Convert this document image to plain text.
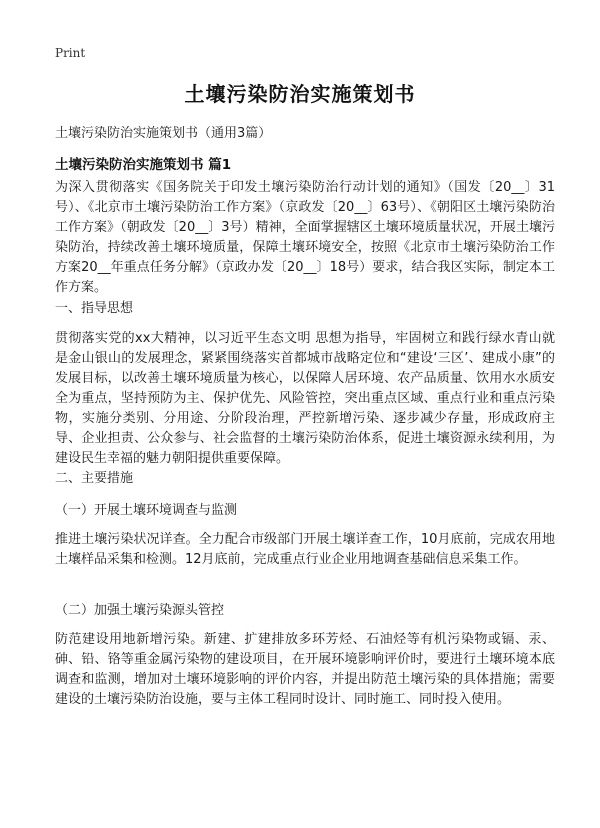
Print
土壤污染防治实施策划书
土壤污染防治实施策划书（通用3篇）
土壤污染防治实施策划书 篇1

为深入贯彻落实《国务院关于印发土壤污染防治行动计划的通知》（国发〔20__〕31号）、《北京市土壤污染防治工作方案》（京政发〔20__〕63号）、《朝阳区土壤污染防治工作方案》（朝政发〔20__〕3号）精神，全面掌握辖区土壤环境质量状况，开展土壤污染防治，持续改善土壤环境质量，保障土壤环境安全，按照《北京市土壤污染防治工作方案20__年重点任务分解》（京政办发〔20__〕18号）要求，结合我区实际，制定本工作方案。

一、指导思想

贯彻落实党的xx大精神，以习近平生态文明 思想为指导，牢固树立和践行绿水青山就是金山银山的发展理念，紧紧围绕落实首都城市战略定位和“建设‘三区’、建成小康”的发展目标，以改善土壤环境质量为核心，以保障人居环境、农产品质量、饮用水水质安全为重点，坚持预防为主、保护优先、风险管控，突出重点区域、重点行业和重点污染物，实施分类别、分用途、分阶段治理，严控新增污染、逐步减少存量，形成政府主导、企业担责、公众参与、社会监督的土壤污染防治体系，促进土壤资源永续利用，为建设民生幸福的魅力朝阳提供重要保障。

二、主要措施
（一）开展土壤环境调查与监测

推进土壤污染状况详查。全力配合市级部门开展土壤详查工作，10月底前，完成农用地土壤样品采集和检测。12月底前，完成重点行业企业用地调查基础信息采集工作。

（二）加强土壤污染源头管控

防范建设用地新增污染。新建、扩建排放多环芳烃、石油烃等有机污染物或镉、汞、砷、铅、铬等重金属污染物的建设项目，在开展环境影响评价时，要进行土壤环境本底调查和监测，增加对土壤环境影响的评价内容，并提出防范土壤污染的具体措施；需要建设的土壤污染防治设施，要与主体工程同时设计、同时施工、同时投入使用。
